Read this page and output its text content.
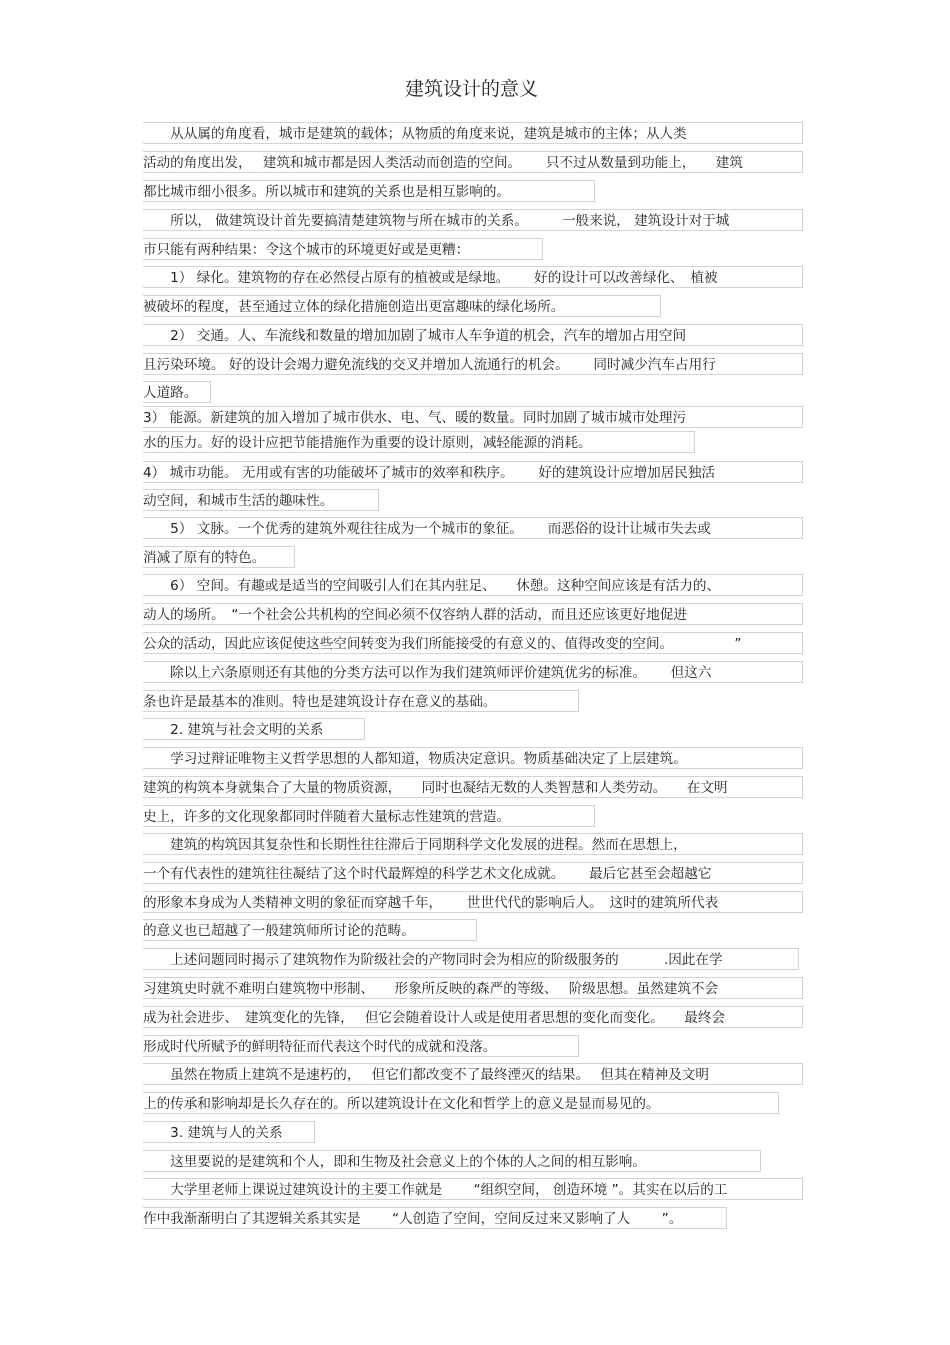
建筑设计的意义
　　从从属的角度看，城市是建筑的载体；从物质的角度来说，建筑是城市的主体；从人类
活动的角度出发，　 建筑和城市都是因人类活动而创造的空间。　　 只不过从数量到功能上，　　建筑
都比城市细小很多。所以城市和建筑的关系也是相互影响的。
　　所以， 做建筑设计首先要搞清楚建筑物与所在城市的关系。　　　一般来说， 建筑设计对于城
市只能有两种结果：令这个城市的环境更好或是更糟：
　　1） 绿化。建筑物的存在必然侵占原有的植被或是绿地。　　 好的设计可以改善绿化、　植被
被破坏的程度，甚至通过立体的绿化措施创造出更富趣味的绿化场所。
　　2） 交通。人、车流线和数量的增加加剧了城市人车争道的机会，汽车的增加占用空间
且污染环境。 好的设计会竭力避免流线的交叉并增加人流通行的机会。　　 同时减少汽车占用行
人道路。
3） 能源。新建筑的加入增加了城市供水、电、气、暖的数量。同时加剧了城市城市处理污
水的压力。好的设计应把节能措施作为重要的设计原则，减轻能源的消耗。
4） 城市功能。 无用或有害的功能破坏了城市的效率和秩序。　　 好的建筑设计应增加居民独活
动空间，和城市生活的趣味性。
　　5） 文脉。一个优秀的建筑外观往往成为一个城市的象征。　　 而恶俗的设计让城市失去或
消减了原有的特色。
　　6） 空间。有趣或是适当的空间吸引人们在其内驻足、　　休憩。这种空间应该是有活力的、
动人的场所。　“一个社会公共机构的空间必须不仅容纳人群的活动，而且还应该更好地促进
公众的活动，因此应该促使这些空间转变为我们所能接受的有意义的、值得改变的空间。　　　　　”
　　除以上六条原则还有其他的分类方法可以作为我们建筑师评价建筑优劣的标准。　　 但这六
条也许是最基本的准则。特也是建筑设计存在意义的基础。
　　2. 建筑与社会文明的关系
　　学习过辩证唯物主义哲学思想的人都知道，物质决定意识。物质基础决定了上层建筑。
建筑的构筑本身就集合了大量的物质资源，　　同时也凝结无数的人类智慧和人类劳动。　　在文明
史上，许多的文化现象都同时伴随着大量标志性建筑的营造。
　　建筑的构筑因其复杂性和长期性往往滞后于同期科学文化发展的进程。然而在思想上，
一个有代表性的建筑往往凝结了这个时代最辉煌的科学艺术文化成就。　　 最后它甚至会超越它
的形象本身成为人类精神文明的象征而穿越千年，　　 世世代代的影响后人。　这时的建筑所代表
的意义也已超越了一般建筑师所讨论的范畴。
　　上述问题同时揭示了建筑物作为阶级社会的产物同时会为相应的阶级服务的　　　 .因此在学
习建筑史时就不难明白建筑物中形制、　　形象所反映的森严的等级、　 阶级思想。虽然建筑不会
成为社会进步、　建筑变化的先锋，　 但它会随着设计人或是使用者思想的变化而变化。　　最终会
形成时代所赋予的鲜明特征而代表这个时代的成就和没落。
　　虽然在物质上建筑不是速朽的，　 但它们都改变不了最终湮灭的结果。　 但其在精神及文明
上的传承和影响却是长久存在的。所以建筑设计在文化和哲学上的意义是显而易见的。
　　3. 建筑与人的关系
　　这里要说的是建筑和个人，即和生物及社会意义上的个体的人之间的相互影响。
　　大学里老师上课说过建筑设计的主要工作就是　　 “组织空间， 创造环境 ”。其实在以后的工
作中我渐渐明白了其逻辑关系其实是　　 “人创造了空间，空间反过来又影响了人　　 ”。
